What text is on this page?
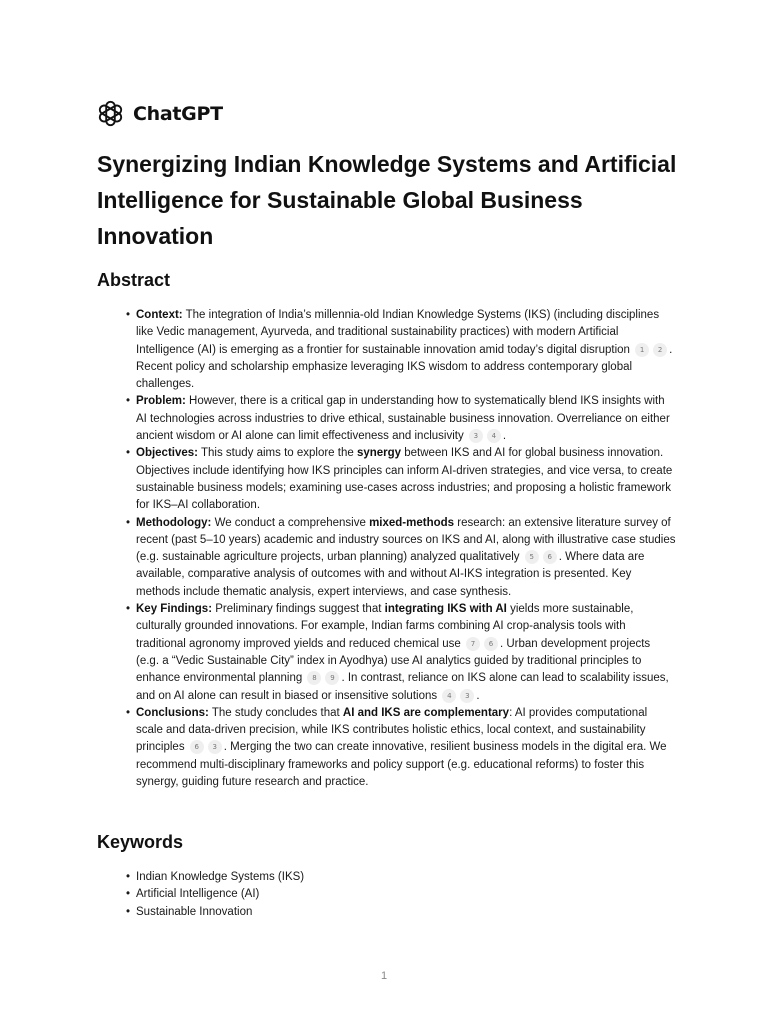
ChatGPT
Synergizing Indian Knowledge Systems and Artificial Intelligence for Sustainable Global Business Innovation
Abstract
• Context: The integration of India’s millennia-old Indian Knowledge Systems (IKS) (including disciplines like Vedic management, Ayurveda, and traditional sustainability practices) with modern Artificial Intelligence (AI) is emerging as a frontier for sustainable innovation amid today’s digital disruption 1 2 . Recent policy and scholarship emphasize leveraging IKS wisdom to address contemporary global challenges.
• Problem: However, there is a critical gap in understanding how to systematically blend IKS insights with AI technologies across industries to drive ethical, sustainable business innovation. Overreliance on either ancient wisdom or AI alone can limit effectiveness and inclusivity 3 4 .
• Objectives: This study aims to explore the synergy between IKS and AI for global business innovation. Objectives include identifying how IKS principles can inform AI-driven strategies, and vice versa, to create sustainable business models; examining use-cases across industries; and proposing a holistic framework for IKS–AI collaboration.
• Methodology: We conduct a comprehensive mixed-methods research: an extensive literature survey of recent (past 5–10 years) academic and industry sources on IKS and AI, along with illustrative case studies (e.g. sustainable agriculture projects, urban planning) analyzed qualitatively 5 6 . Where data are available, comparative analysis of outcomes with and without AI-IKS integration is presented. Key methods include thematic analysis, expert interviews, and case synthesis.
• Key Findings: Preliminary findings suggest that integrating IKS with AI yields more sustainable, culturally grounded innovations. For example, Indian farms combining AI crop-analysis tools with traditional agronomy improved yields and reduced chemical use 7 6 . Urban development projects (e.g. a “Vedic Sustainable City” index in Ayodhya) use AI analytics guided by traditional principles to enhance environmental planning 8 9 . In contrast, reliance on IKS alone can lead to scalability issues, and on AI alone can result in biased or insensitive solutions 4 3 .
• Conclusions: The study concludes that AI and IKS are complementary: AI provides computational scale and data-driven precision, while IKS contributes holistic ethics, local context, and sustainability principles 6 3 . Merging the two can create innovative, resilient business models in the digital era. We recommend multi-disciplinary frameworks and policy support (e.g. educational reforms) to foster this synergy, guiding future research and practice.
Keywords
• Indian Knowledge Systems (IKS)
• Artificial Intelligence (AI)
• Sustainable Innovation
1
